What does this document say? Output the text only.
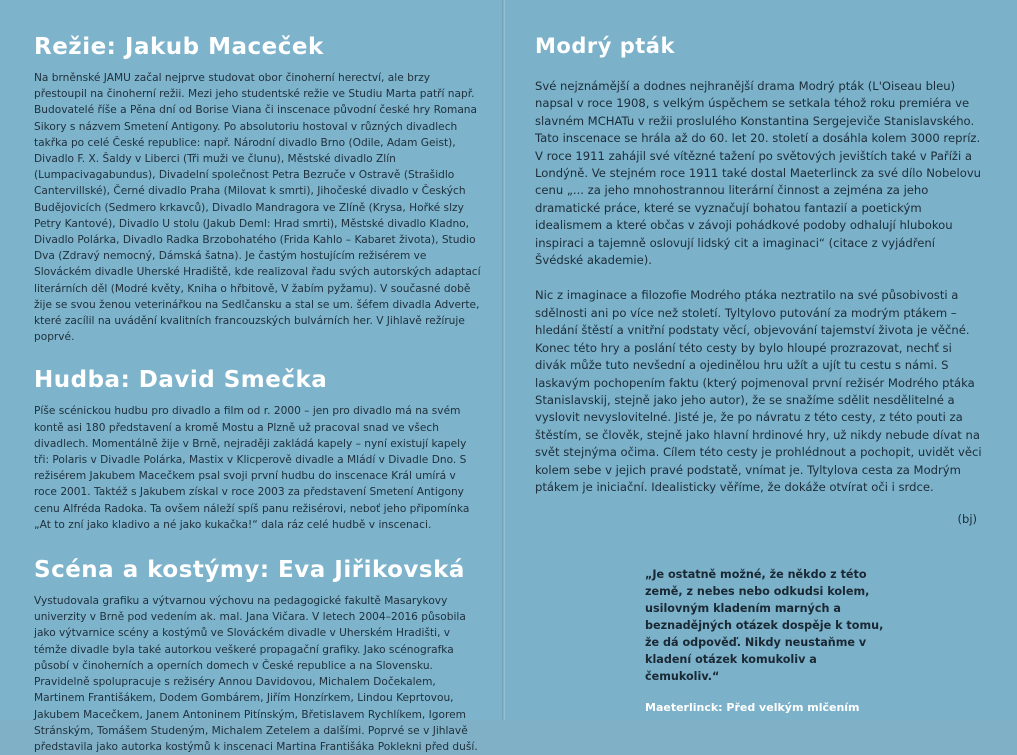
Režie: Jakub Maceček

Na brněnské JAMU začal nejprve studovat obor činoherní herectví, ale brzy přestoupil na činoherní režii. Mezi jeho studentské režie ve Studiu Marta patří např. Budovatelé říše a Pěna dní od Borise Viana či inscenace původní české hry Romana Sikory s názvem Smetení Antigony. Po absolutoriu hostoval v různých divadlech takřka po celé České republice: např. Národní divadlo Brno (Odile, Adam Geist), Divadlo F. X. Šaldy v Liberci (Tři muži ve člunu), Městské divadlo Zlín (Lumpacivagabundus), Divadelní společnost Petra Bezruče v Ostravě (Strašidlo Cantervillské), Černé divadlo Praha (Milovat k smrti), Jihočeské divadlo v Českých Budějovicích (Sedmero krkavců), Divadlo Mandragora ve Zlíně (Krysa, Hořké slzy Petry Kantové), Divadlo U stolu (Jakub Deml: Hrad smrti), Městské divadlo Kladno, Divadlo Polárka, Divadlo Radka Brzobohatého (Frida Kahlo – Kabaret života), Studio Dva (Zdravý nemocný, Dámská šatna). Je častým hostujícím režisérem ve Slováckém divadle Uherské Hradiště, kde realizoval řadu svých autorských adaptací literárních děl (Modré květy, Kniha o hřbitově, V žabím pyžamu). V současné době žije se svou ženou veterinářkou na Sedlčansku a stal se um. šéfem divadla Adverte, které zacílil na uvádění kvalitních francouzských bulvárních her. V Jihlavě režíruje poprvé.

Hudba: David Smečka

Píše scénickou hudbu pro divadlo a film od r. 2000 – jen pro divadlo má na svém kontě asi 180 představení a kromě Mostu a Plzně už pracoval snad ve všech divadlech. Momentálně žije v Brně, nejraději zakládá kapely – nyní existují kapely tři: Polaris v Divadle Polárka, Mastix v Klicperově divadle a Mládí v Divadle Dno. S režisérem Jakubem Macečkem psal svoji první hudbu do inscenace Král umírá v roce 2001. Taktéž s Jakubem získal v roce 2003 za představení Smetení Antigony cenu Alfréda Radoka. Ta ovšem náleží spíš panu režisérovi, neboť jeho připomínka „At to zní jako kladivo a né jako kukačka!“ dala ráz celé hudbě v inscenaci.

Scéna a kostýmy: Eva Jiřikovská

Vystudovala grafiku a výtvarnou výchovu na pedagogické fakultě Masarykovy univerzity v Brně pod vedením ak. mal. Jana Vičara. V letech 2004–2016 působila jako výtvarnice scény a kostýmů ve Slováckém divadle v Uherském Hradišti, v témže divadle byla také autorkou veškeré propagační grafiky. Jako scénografka působí v činoherních a operních domech v České republice a na Slovensku. Pravidelně spolupracuje s režiséry Annou Davidovou, Michalem Dočekalem, Martinem Františákem, Dodem Gombárem, Jiřím Honzírkem, Lindou Keprtovou, Jakubem Macečkem, Janem Antoninem Pitínským, Břetislavem Rychlíkem, Igorem Stránským, Tomášem Studeným, Michalem Zetelem a dalšími. Poprvé se v Jihlavě představila jako autorka kostýmů k inscenaci Martina Františáka Poklekni před duší.

Modrý pták

Své nejznámější a dodnes nejhranější drama Modrý pták (L'Oiseau bleu) napsal v roce 1908, s velkým úspěchem se setkala téhož roku premiéra ve slavném MCHATu v režii proslulého Konstantina Sergejeviče Stanislavského. Tato inscenace se hrála až do 60. let 20. století a dosáhla kolem 3000 repríz. V roce 1911 zahájil své vítězné tažení po světových jevištích také v Paříži a Londýně. Ve stejném roce 1911 také dostal Maeterlinck za své dílo Nobelovu cenu „... za jeho mnohostrannou literární činnost a zejména za jeho dramatické práce, které se vyznačují bohatou fantazií a poetickým idealismem a které občas v závoji pohádkové podoby odhalují hlubokou inspiraci a tajemně oslovují lidský cit a imaginaci“ (citace z vyjádření Švédské akademie).

Nic z imaginace a filozofie Modrého ptáka neztratilo na své působivosti a sdělnosti ani po více než století. Tyltylovo putování za modrým ptákem – hledání štěstí a vnitřní podstaty věcí, objevování tajemství života je věčné. Konec této hry a poslání této cesty by bylo hloupé prozrazovat, nechť si divák může tuto nevšední a ojedinělou hru užít a ujít tu cestu s námi. S laskavým pochopením faktu (který pojmenoval první režisér Modrého ptáka Stanislavskij, stejně jako jeho autor), že se snažíme sdělit nesdělitelné a vyslovit nevyslovitelné. Jisté je, že po návratu z této cesty, z této pouti za štěstím, se člověk, stejně jako hlavní hrdinové hry, už nikdy nebude dívat na svět stejnýma očima. Cílem této cesty je prohlédnout a pochopit, uvidět věci kolem sebe v jejich pravé podstatě, vnímat je. Tyltylova cesta za Modrým ptákem je iniciační. Idealisticky věříme, že dokáže otvírat oči i srdce.

(bj)

„Je ostatně možné, že někdo z této země, z nebes nebo odkudsi kolem, usilovným kladením marných a beznadějných otázek dospěje k tomu, že dá odpověď. Nikdy neustaňme v kladení otázek komukoliv a čemukoliv.“

Maeterlinck: Před velkým mlčením
